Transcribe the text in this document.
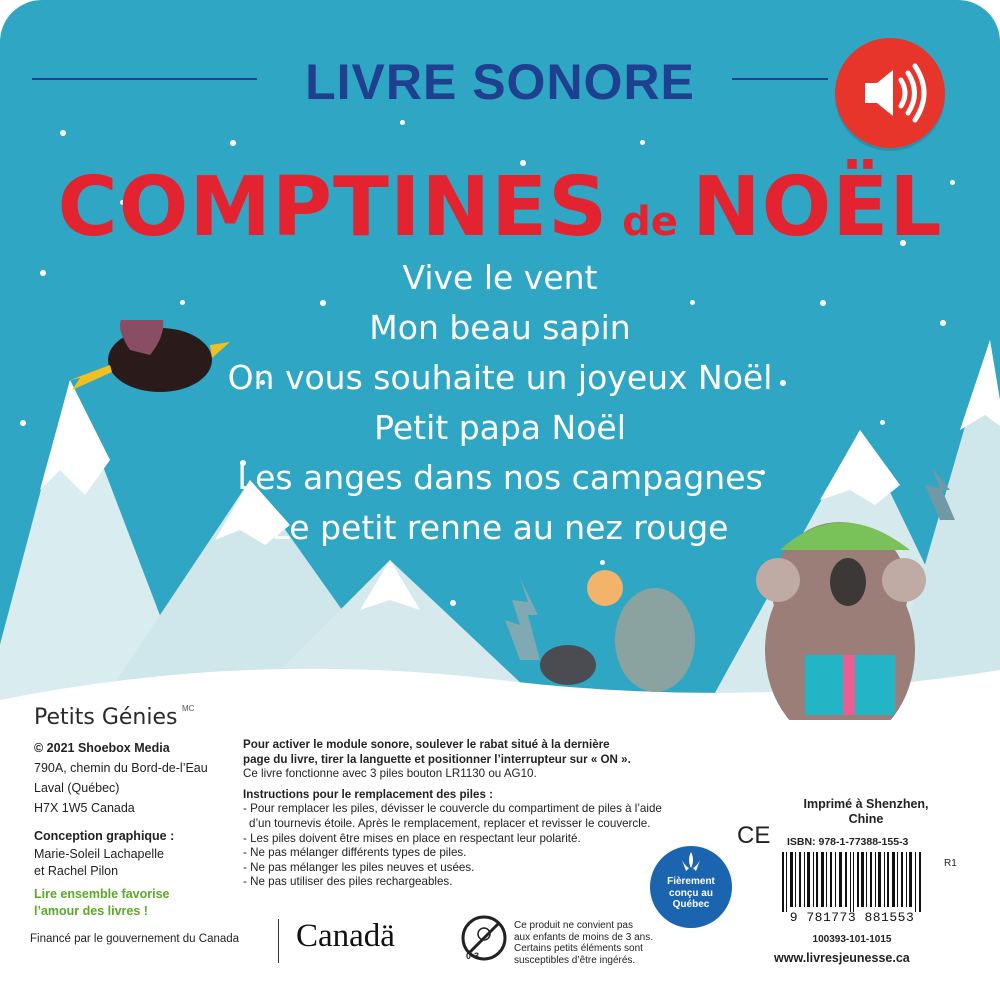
LIVRE SONORE
COMPTINES de NOËL
Vive le vent
Mon beau sapin
On vous souhaite un joyeux Noël
Petit papa Noël
Les anges dans nos campagnes
Le petit renne au nez rouge
Petits Génies MC
© 2021 Shoebox Media
790A, chemin du Bord-de-l’Eau
Laval (Québec)
H7X 1W5 Canada
Conception graphique :
Marie-Soleil Lachapelle
et Rachel Pilon
Lire ensemble favorise
l’amour des livres !

Pour activer le module sonore, soulever le rabat situé à la dernière

page du livre, tirer la languette et positionner l’interrupteur sur « ON ».

Ce livre fonctionne avec 3 piles bouton LR1130 ou AG10.

Instructions pour le remplacement des piles :

- Pour remplacer les piles, dévisser le couvercle du compartiment de piles à l’aide

d’un tournevis étoile. Après le remplacement, replacer et revisser le couvercle.

- Les piles doivent être mises en place en respectant leur polarité.

- Ne pas mélanger différents types de piles.

- Ne pas mélanger les piles neuves et usées.

- Ne pas utiliser des piles rechargeables.	Fièrement
conçu au
Québec
CE
Imprimé à Shenzhen,
Chine
ISBN: 978-1-77388-155-3
9 781773 881553
100393-101-1015
R1
www.livresjeunesse.ca
Financé par le gouvernement du Canada Canadä
0-3
Ce produit ne convient pas
aux enfants de moins de 3 ans.
Certains petits éléments sont
susceptibles d’être ingérés.
